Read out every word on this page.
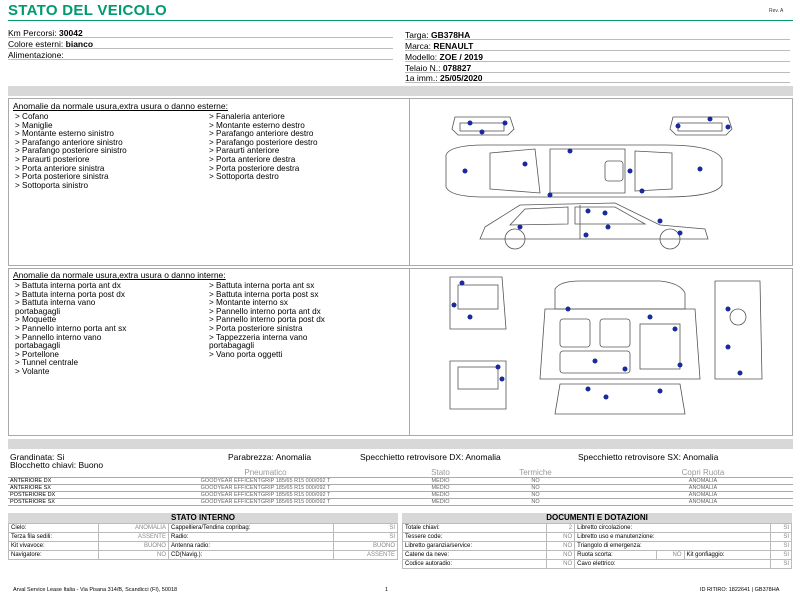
STATO DEL VEICOLO	Rev. A
Km Percorsi: 30042
Colore esterni: bianco
Alimentazione:
Targa: GB378HA
Marca: RENAULT
Modello: ZOE / 2019
Telaio N.: 078827
1a imm.: 25/05/2020
Anomalie da normale usura,extra usura o danno esterne:
> Cofano
> Maniglie
> Montante esterno sinistro
> Parafango anteriore sinistro
> Parafango posteriore sinistro
> Paraurti posteriore
> Porta anteriore sinistra
> Porta posteriore sinistra
> Sottoporta sinistro
> Fanaleria anteriore
> Montante esterno destro
> Parafango anteriore destro
> Parafango posteriore destro
> Paraurti anteriore
> Porta anteriore destra
> Porta posteriore destra
> Sottoporta destro
Anomalie da normale usura,extra usura o danno interne:
> Battuta interna porta ant dx
> Battuta interna porta post dx
> Battuta interna vano
portabagagli
> Moquette
> Pannello interno porta ant sx
> Pannello interno vano
portabagagli
> Portellone
> Tunnel centrale
> Volante
> Battuta interna porta ant sx
> Battuta interna porta post sx
> Montante interno sx
> Pannello interno porta ant dx
> Pannello interno porta post dx
> Porta posteriore sinistra
> Tappezzeria interna vano
portabagagli
> Vano porta oggetti
Grandinata: Si
Blocchetto chiavi: Buono
Parabrezza: Anomalia	Specchietto retrovisore DX: Anomalia	Specchietto retrovisore SX: Anomalia
	Pneumatico	Stato	Termiche		Copri Ruota
ANTERIORE DX	GOODYEAR EFFICENTGRIP 185/65 R15 000/092 T	MEDIO	NO		ANOMALIA
ANTERIORE SX	GOODYEAR EFFICENTGRIP 185/65 R15 000/092 T	MEDIO	NO		ANOMALIA
POSTERIORE DX	GOODYEAR EFFICENTGRIP 185/65 R15 000/092 T	MEDIO	NO		ANOMALIA
POSTERIORE SX	GOODYEAR EFFICENTGRIP 185/65 R15 000/092 T	MEDIO	NO		ANOMALIA
STATO INTERNO
Cielo:	ANOMALIA	Cappelliera/Tendina copribag:	SI
Terza fila sedili:	ASSENTE	Radio:	SI
Kit vivavoce:	BUONO	Antenna radio:	BUONO
Navigatore:	NO	CD(Navig.):	ASSENTE
DOCUMENTI E DOTAZIONI
Totale chiavi:	2	Libretto circolazione:			SI
Tessere code:	NO	Libretto uso e manutenzione:			SI
Libretto garanzia/service:	NO	Triangolo di emergenza:			SI
Catene da neve:	NO	Ruota scorta:	NO	Kit gonfiaggio:	SI
Codice autoradio:	NO	Cavo elettrico:			SI
Arval Service Lease Italia - Via Pisana 314/B, Scandicci (FI), 50018	1	ID RITIRO: 1822641 | GB378HA
